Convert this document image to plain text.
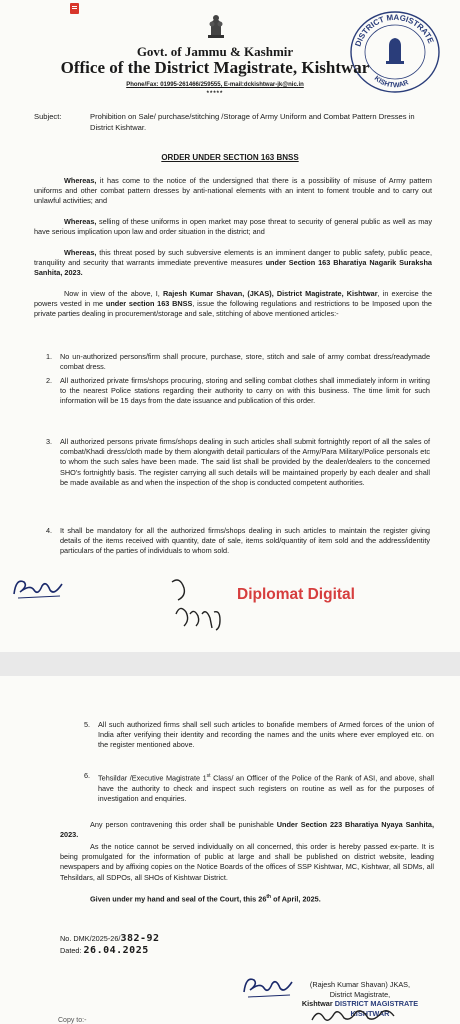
DISTRICT MAGISTRATE
KISHTWAR
Govt. of Jammu & Kashmir
Office of the District Magistrate, Kishtwar
Phone/Fax: 01995-261466/259555, E-mail:dckishtwar-jk@nic.in
*****
Subject:	Prohibition on Sale/ purchase/stitching /Storage of Army Uniform and Combat Pattern Dresses in District Kishtwar.
ORDER UNDER SECTION 163 BNSS

Whereas, it has come to the notice of the undersigned that there is a possibility of misuse of Army pattern uniforms and other combat pattern dresses by anti-national elements with an intent to foment trouble and to carry out unlawful activities; and

Whereas, selling of these uniforms in open market may pose threat to security of general public as well as may have serious implication upon law and order situation in the district; and

Whereas, this threat posed by such subversive elements is an imminent danger to public safety, public peace, tranquility and security that warrants immediate preventive measures under Section 163 Bharatiya Nagarik Suraksha Sanhita, 2023.

Now in view of the above, I, Rajesh Kumar Shavan, (JKAS), District Magistrate, Kishtwar, in exercise the powers vested in me under section 163 BNSS, issue the following regulations and restrictions to be Imposed upon the private parties dealing in procurement/storage and sale, stitching of above mentioned articles:-

1. No un-authorized persons/firm shall procure, purchase, store, stitch and sale of army combat dress/readymade combat dress.
2. All authorized private firms/shops procuring, storing and selling combat clothes shall immediately inform in writing to the nearest Police stations regarding their authority to carry on with this business. The time limit for such information will be 15 days from the date issuance and publication of this order.
3. All authorized persons private firms/shops dealing in such articles shall submit fortnightly report of all the sales of combat/Khadi dress/cloth made by them alongwith detail particulars of the Army/Para Military/Police personals etc to whom the such sales have been made. The said list shall be provided by the dealer/dealers to the concerned SHO's fortnightly basis. The register carrying all such details will be maintained properly by each dealer and shall be made available as and when the inspection of the shop is conducted competent authorities.
4. It shall be mandatory for all the authorized firms/shops dealing in such articles to maintain the register giving details of the items received with quantity, date of sale, items sold/quantity of item sold and the address/identity particulars of the parties of individuals to whom sold.
Diplomat Digital
5. All such authorized firms shall sell such articles to bonafide members of Armed forces of the union of India after verifying their identity and recording the names and the units where ever employed etc. on the register mentioned above.
6. Tehsildar /Executive Magistrate 1st Class/ an Officer of the Police of the Rank of ASI, and above, shall have the authority to check and inspect such registers on routine as well as for the purposes of investigation and enquiries.

Any person contravening this order shall be punishable Under Section 223 Bharatiya Nyaya Sanhita, 2023.

As the notice cannot be served individually on all concerned, this order is hereby passed ex-parte. It is being promulgated for the information of public at large and shall be published on district website, leading newspapers and by affixing copies on the Notice Boards of the offices of SSP Kishtwar, MC, Kishtwar, all SDMs, all Tehsildars, all SDPOs, all SHOs of Kishtwar District.

Given under my hand and seal of the Court, this 26th of April, 2025.

No. DMK/2025-26/382-92
Dated: 26.04.2025
(Rajesh Kumar Shavan) JKAS,
District Magistrate,
Kishtwar DISTRICT MAGISTRATE
KISHTWAR
Copy to:-
